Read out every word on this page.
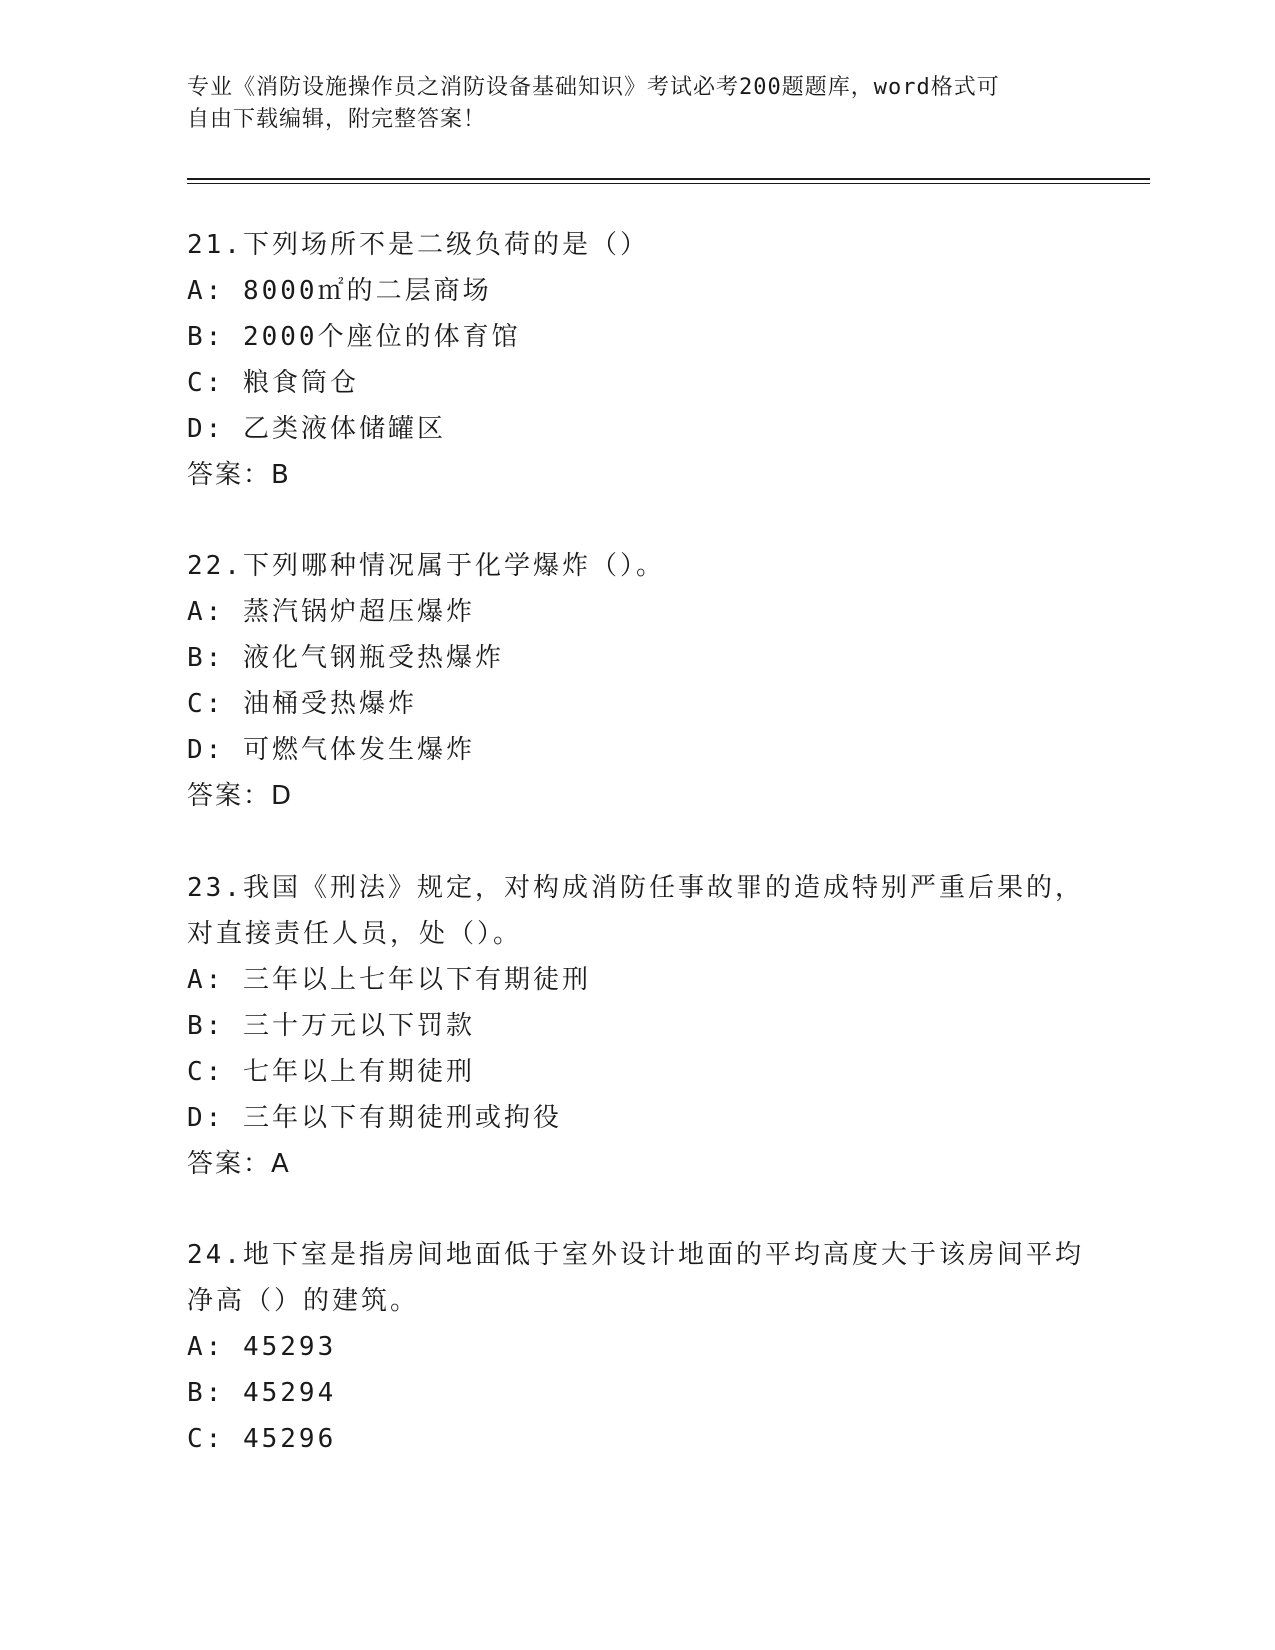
专业《消防设施操作员之消防设备基础知识》考试必考200题题库，word格式可
自由下载编辑，附完整答案！
21.下列场所不是二级负荷的是（）
A: 8000㎡的二层商场
B: 2000个座位的体育馆
C: 粮食筒仓
D: 乙类液体储罐区
答案：B
22.下列哪种情况属于化学爆炸（）。
A: 蒸汽锅炉超压爆炸
B: 液化气钢瓶受热爆炸
C: 油桶受热爆炸
D: 可燃气体发生爆炸
答案：D
23.我国《刑法》规定，对构成消防任事故罪的造成特别严重后果的，
对直接责任人员，处（）。
A: 三年以上七年以下有期徒刑
B: 三十万元以下罚款
C: 七年以上有期徒刑
D: 三年以下有期徒刑或拘役
答案：A
24.地下室是指房间地面低于室外设计地面的平均高度大于该房间平均
净高（）的建筑。
A: 45293
B: 45294
C: 45296
